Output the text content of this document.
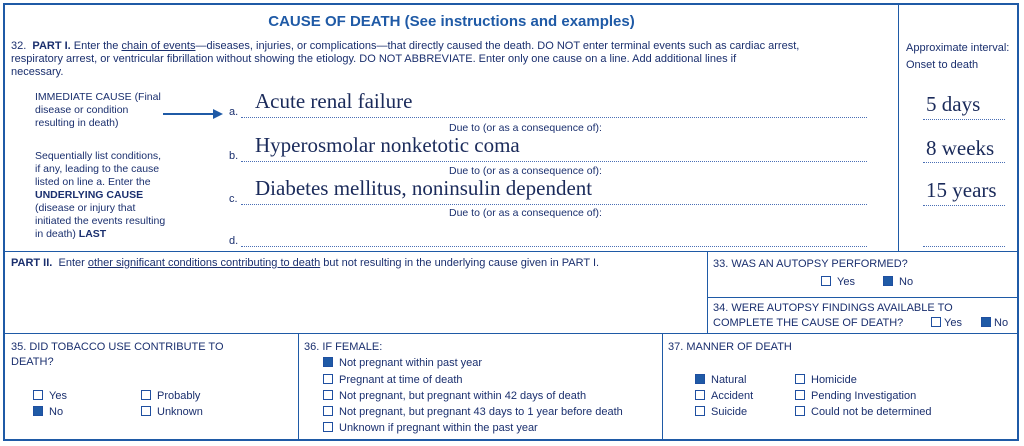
CAUSE OF DEATH (See instructions and examples)
32. PART I. Enter the chain of events—diseases, injuries, or complications—that directly caused the death. DO NOT enter terminal events such as cardiac arrest,
respiratory arrest, or ventricular fibrillation without showing the etiology. DO NOT ABBREVIATE. Enter only one cause on a line. Add additional lines if
necessary.
Approximate interval:
Onset to death
IMMEDIATE CAUSE (Final
disease or condition
resulting in death)
Sequentially list conditions,
if any, leading to the cause
listed on line a. Enter the
UNDERLYING CAUSE
(disease or injury that
initiated the events resulting
in death) LAST
a. Acute renal failure	5 days
Due to (or as a consequence of):
b. Hyperosmolar nonketotic coma	8 weeks
Due to (or as a consequence of):
c. Diabetes mellitus, noninsulin dependent	15 years
Due to (or as a consequence of):
d.
PART II. Enter other significant conditions contributing to death but not resulting in the underlying cause given in PART I.	33. WAS AN AUTOPSY PERFORMED?
Yes	No
34. WERE AUTOPSY FINDINGS AVAILABLE TO
COMPLETE THE CAUSE OF DEATH?	Yes	No
35. DID TOBACCO USE CONTRIBUTE TO
DEATH?
Yes	Probably
No	Unknown
36. IF FEMALE:
Not pregnant within past year
Pregnant at time of death
Not pregnant, but pregnant within 42 days of death
Not pregnant, but pregnant 43 days to 1 year before death
Unknown if pregnant within the past year
37. MANNER OF DEATH
Natural	Homicide
Accident	Pending Investigation
Suicide	Could not be determined
